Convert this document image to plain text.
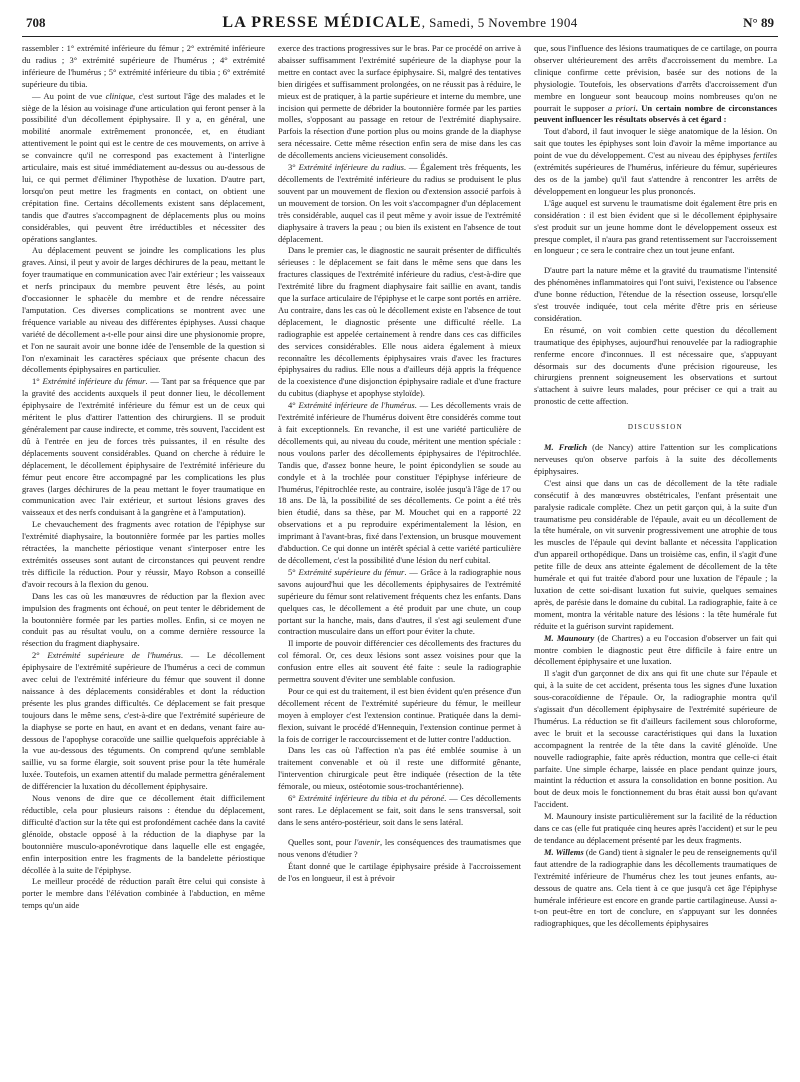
708	LA PRESSE MÉDICALE, Samedi, 5 Novembre 1904	N° 89

rassembler : 1° extrémité inférieure du fémur ; 2° extrémité inférieure du radius ; 3° extrémité supérieure de l'humérus ; 4° extrémité inférieure de l'humérus ; 5° extrémité inférieure du tibia ; 6° extrémité supérieure du tibia.

— Au point de vue clinique, c'est surtout l'âge des malades et le siège de la lésion au voisinage d'une articulation qui feront penser à la possibilité d'un décollement épiphysaire. Il y a, en général, une mobilité anormale extrêmement prononcée, et, en étudiant attentivement le point qui est le centre de ces mouvements, on arrive à se convaincre qu'il ne correspond pas exactement à l'interligne articulaire, mais est situé immédiatement au-dessus ou au-dessous de lui, ce qui permet d'éliminer l'hypothèse de luxation. D'autre part, lorsqu'on peut mettre les fragments en contact, on obtient une crépitation fine. Certains décollements existent sans déplacement, tandis que d'autres s'accompagnent de déplacements plus ou moins considérables, qui peuvent être irréductibles et nécessiter des opérations sanglantes.

Au déplacement peuvent se joindre les complications les plus graves. Ainsi, il peut y avoir de larges déchirures de la peau, mettant le foyer traumatique en communication avec l'air extérieur ; les vaisseaux et nerfs principaux du membre peuvent être lésés, au point d'occasionner le sphacèle du membre et de rendre nécessaire l'amputation. Ces diverses complications se montrent avec une fréquence variable au niveau des différentes épiphyses. Aussi chaque variété de décollement a-t-elle pour ainsi dire une physionomie propre, et l'on ne saurait avoir une bonne idée de l'ensemble de la question si l'on n'examinait les caractères spéciaux que présente chacun des décollements épiphysaires en particulier.

1° Extrémité inférieure du fémur. — Tant par sa fréquence que par la gravité des accidents auxquels il peut donner lieu, le décollement épiphysaire de l'extrémité inférieure du fémur est un de ceux qui méritent le plus d'attirer l'attention des chirurgiens. Il se produit généralement par cause indirecte, et comme, très souvent, l'accident est dû à l'entrée en jeu de forces très puissantes, il en résulte des déplacements souvent considérables. Quand on cherche à réduire le déplacement, le décollement épiphysaire de l'extrémité inférieure du fémur peut encore être accompagné par les complications les plus graves (larges déchirures de la peau mettant le foyer traumatique en communication avec l'air extérieur, et surtout lésions graves des vaisseaux et des nerfs conduisant à la gangrène et à l'amputation).

Le chevauchement des fragments avec rotation de l'épiphyse sur l'extrémité diaphysaire, la boutonnière formée par les parties molles rétractées, la manchette périostique venant s'interposer entre les extrémités osseuses sont autant de circonstances qui peuvent rendre très difficile la réduction. Pour y réussir, Mayo Robson a conseillé d'avoir recours à la flexion du genou.

Dans les cas où les manœuvres de réduction par la flexion avec impulsion des fragments ont échoué, on peut tenter le débridement de la boutonnière formée par les parties molles. Enfin, si ce moyen ne conduit pas au résultat voulu, on a comme dernière ressource la résection du fragment diaphysaire.

2° Extrémité supérieure de l'humérus. — Le décollement épiphysaire de l'extrémité supérieure de l'humérus a ceci de commun avec celui de l'extrémité inférieure du fémur que souvent il donne naissance à des déplacements considérables et dont la réduction présente les plus grandes difficultés. Ce déplacement se fait presque toujours dans le même sens, c'est-à-dire que l'extrémité supérieure de la diaphyse se porte en haut, en avant et en dedans, venant faire au-dessous de l'apophyse coracoïde une saillie quelquefois appréciable à la vue au-dessous des téguments. On comprend qu'une semblable saillie, vu sa forme élargie, soit souvent prise pour la tête humérale luxée. Toutefois, un examen attentif du malade permettra généralement de différencier la luxation du décollement épiphysaire.

Nous venons de dire que ce décollement était difficilement réductible, cela pour plusieurs raisons : étendue du déplacement, difficulté d'action sur la tête qui est profondément cachée dans la cavité glénoïde, obstacle opposé à la réduction de la diaphyse par la boutonnière musculo-aponévrotique dans laquelle elle est engagée, enfin interposition entre les fragments de la bandelette périostique décollée à la suite de l'épiphyse.

Le meilleur procédé de réduction paraît être celui qui consiste à porter le membre dans l'élévation combinée à l'abduction, en même temps qu'un aide

exerce des tractions progressives sur le bras. Par ce procédé on arrive à abaisser suffisamment l'extrémité supérieure de la diaphyse pour la mettre en contact avec la surface épiphysaire. Si, malgré des tentatives bien dirigées et suffisamment prolongées, on ne réussit pas à réduire, le mieux est de pratiquer, à la partie supérieure et interne du membre, une incision qui permette de débrider la boutonnière formée par les parties molles, s'opposant au passage en retour de l'extrémité diaphysaire. Parfois la résection d'une portion plus ou moins grande de la diaphyse sera nécessaire. Cette même résection enfin sera de mise dans les cas de décollements anciens vicieusement consolidés.

3° Extrémité inférieure du radius. — Également très fréquents, les décollements de l'extrémité inférieure du radius se produisent le plus souvent par un mouvement de flexion ou d'extension associé parfois à un mouvement de torsion. On les voit s'accompagner d'un déplacement très considérable, auquel cas il peut même y avoir issue de l'extrémité diaphysaire à travers la peau ; ou bien ils existent en l'absence de tout déplacement.

Dans le premier cas, le diagnostic ne saurait présenter de difficultés sérieuses : le déplacement se fait dans le même sens que dans les fractures classiques de l'extrémité inférieure du radius, c'est-à-dire que l'extrémité libre du fragment diaphysaire fait saillie en avant, tandis que la surface articulaire de l'épiphyse et le carpe sont portés en arrière. Au contraire, dans les cas où le décollement existe en l'absence de tout déplacement, le diagnostic présente une difficulté réelle. La radiographie est appelée certainement à rendre dans ces cas difficiles des services considérables. Elle nous aidera également à mieux reconnaître les décollements épiphysaires vrais d'avec les fractures épiphysaires du radius. Elle nous a d'ailleurs déjà appris la fréquence de la coexistence d'une disjonction épiphysaire radiale et d'une fracture du cubitus (diaphyse et apophyse styloïde).

4° Extrémité inférieure de l'humérus. — Les décollements vrais de l'extrémité inférieure de l'humérus doivent être considérés comme tout à fait exceptionnels. En revanche, il est une variété particulière de décollements qui, au niveau du coude, méritent une mention spéciale : nous voulons parler des décollements épiphysaires de l'épitrochlée. Tandis que, d'assez bonne heure, le point épicondylien se soude au condyle et à la trochlée pour constituer l'épiphyse inférieure de l'humérus, l'épitrochlée reste, au contraire, isolée jusqu'à l'âge de 17 ou 18 ans. De là, la possibilité de ses décollements. Ce point a été très bien étudié, dans sa thèse, par M. Mouchet qui en a rapporté 22 observations et a pu reproduire expérimentalement la lésion, en imprimant à l'avant-bras, fixé dans l'extension, un brusque mouvement d'abduction. Ce qui donne un intérêt spécial à cette variété particulière de décollement, c'est la possibilité d'une lésion du nerf cubital.

5° Extrémité supérieure du fémur. — Grâce à la radiographie nous savons aujourd'hui que les décollements épiphysaires de l'extrémité supérieure du fémur sont relativement fréquents chez les enfants. Dans quelques cas, le décollement a été produit par une chute, un coup portant sur la hanche, mais, dans d'autres, il s'est agi seulement d'une contraction musculaire dans un effort pour éviter la chute.

Il importe de pouvoir différencier ces décollements des fractures du col fémoral. Or, ces deux lésions sont assez voisines pour que la confusion entre elles ait souvent été faite : seule la radiographie permettra souvent d'éviter une semblable confusion.

Pour ce qui est du traitement, il est bien évident qu'en présence d'un décollement récent de l'extrémité supérieure du fémur, le meilleur moyen à employer c'est l'extension continue. Pratiquée dans la demi-flexion, suivant le procédé d'Hennequin, l'extension continue permet à la fois de corriger le raccourcissement et de lutter contre l'adduction.

Dans les cas où l'affection n'a pas été emblée soumise à un traitement convenable et où il reste une difformité gênante, l'intervention chirurgicale peut être indiquée (résection de la tête fémorale, ou mieux, ostéotomie sous-trochantérienne).

6° Extrémité inférieure du tibia et du péroné. — Ces décollements sont rares. Le déplacement se fait, soit dans le sens transversal, soit dans le sens antéro-postérieur, soit dans le sens latéral.

Quelles sont, pour l'avenir, les conséquences des traumatismes que nous venons d'étudier ?

Étant donné que le cartilage épiphysaire préside à l'accroissement de l'os en longueur, il est à prévoir

que, sous l'influence des lésions traumatiques de ce cartilage, on pourra observer ultérieurement des arrêts d'accroissement du membre. La clinique confirme cette prévision, basée sur des notions de la physiologie. Toutefois, les observations d'arrêts d'accroissement d'un membre en longueur sont beaucoup moins nombreuses qu'on ne pourrait le supposer a priori. Un certain nombre de circonstances peuvent influencer les résultats observés à cet égard :

Tout d'abord, il faut invoquer le siège anatomique de la lésion. On sait que toutes les épiphyses sont loin d'avoir la même importance au point de vue du développement. C'est au niveau des épiphyses fertiles (extrémités supérieures de l'humérus, inférieure du fémur, supérieures des os de la jambe) qu'il faut s'attendre à rencontrer les arrêts de développement en longueur les plus prononcés.

L'âge auquel est survenu le traumatisme doit également être pris en considération : il est bien évident que si le décollement épiphysaire s'est produit sur un jeune homme dont le développement osseux est presque complet, il n'aura pas grand retentissement sur l'accroissement en longueur ; ce sera le contraire chez un tout jeune enfant.

D'autre part la nature même et la gravité du traumatisme l'intensité des phénomènes inflammatoires qui l'ont suivi, l'existence ou l'absence d'une bonne réduction, l'étendue de la résection osseuse, lorsqu'elle s'est trouvée indiquée, tout cela mérite d'être pris en sérieuse considération.

En résumé, on voit combien cette question du décollement traumatique des épiphyses, aujourd'hui renouvelée par la radiographie renferme encore d'inconnues. Il est nécessaire que, s'appuyant désormais sur des documents d'une précision rigoureuse, les chirurgiens prennent soigneusement les observations et surtout s'attachent à suivre leurs malades, pour préciser ce qui a trait au pronostic de cette affection.

DISCUSSION

M. Frœlich (de Nancy) attire l'attention sur les complications nerveuses qu'on observe parfois à la suite des décollements épiphysaires.

C'est ainsi que dans un cas de décollement de la tête radiale consécutif à des manœuvres obstétricales, l'enfant présentait une paralysie radicale complète. Chez un petit garçon qui, à la suite d'un traumatisme peu considérable de l'épaule, avait eu un décollement de la tête humérale, on vit survenir progressivement une atrophie de tous les muscles de l'épaule qui devint ballante et nécessita l'application d'un appareil orthopédique. Dans un troisième cas, enfin, il s'agit d'une petite fille de deux ans atteinte également de décollement de la tête humérale et qui fut traitée d'abord pour une luxation de l'épaule ; la luxation de cette soi-disant luxation fut suivie, quelques semaines après, de parésie dans le domaine du cubital. La radiographie, faite à ce moment, montra la véritable nature des lésions : la tête humérale fut réduite et la guérison survint rapidement.

M. Maunoury (de Chartres) a eu l'occasion d'observer un fait qui montre combien le diagnostic peut être difficile à faire entre un décollement épiphysaire et une luxation.

Il s'agit d'un garçonnet de dix ans qui fit une chute sur l'épaule et qui, à la suite de cet accident, présenta tous les signes d'une luxation sous-coracoïdienne de l'épaule. Or, la radiographie montra qu'il s'agissait d'un décollement épiphysaire de l'extrémité supérieure de l'humérus. La réduction se fit d'ailleurs facilement sous chloroforme, avec le bruit et la secousse caractéristiques qui dans la luxation accompagnent la rentrée de la tête dans la cavité glénoïde. Une nouvelle radiographie, faite après réduction, montra que celle-ci était parfaite. Une simple écharpe, laissée en place pendant quinze jours, maintint la réduction et assura la consolidation en bonne position. Au bout de deux mois le fonctionnement du bras était aussi bon qu'avant l'accident.

M. Maunoury insiste particulièrement sur la facilité de la réduction dans ce cas (elle fut pratiquée cinq heures après l'accident) et sur le peu de tendance au déplacement présenté par les deux fragments.

M. Willems (de Gand) tient à signaler le peu de renseignements qu'il faut attendre de la radiographie dans les décollements traumatiques de l'extrémité inférieure de l'humérus chez les tout jeunes enfants, au-dessous de quatre ans. Cela tient à ce que jusqu'à cet âge l'épiphyse humérale inférieure est encore en grande partie cartilagineuse. Aussi a-t-on peut-être en tort de conclure, en s'appuyant sur les données radiographiques, que les décollements épiphysaires
